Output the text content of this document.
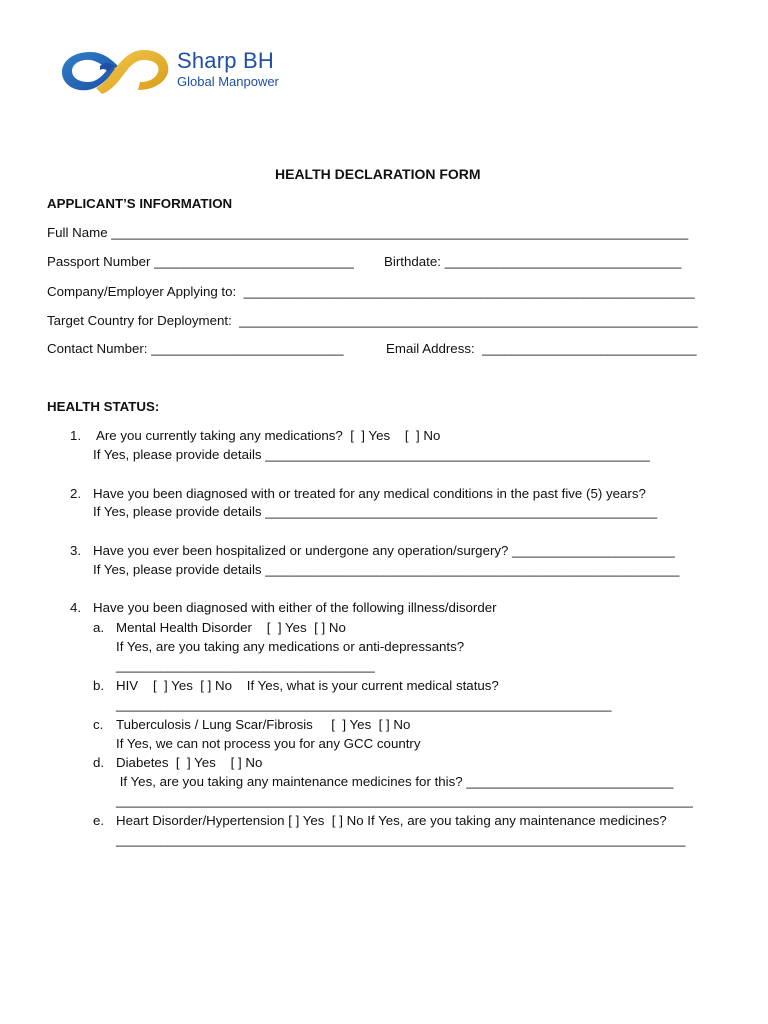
Sharp BH
Global Manpower
HEALTH DECLARATION FORM
APPLICANT’S INFORMATION
Full Name ______________________________________________________________________________
Passport Number ___________________________ Birthdate: ________________________________
Company/Employer Applying to:  _____________________________________________________________
Target Country for Deployment:  ______________________________________________________________
Contact Number: __________________________	Email Address:  _____________________________
HEALTH STATUS:
1. Are you currently taking any medications?  [  ] Yes    [  ] No
If Yes, please provide details ____________________________________________________
2. Have you been diagnosed with or treated for any medical conditions in the past five (5) years?
If Yes, please provide details _____________________________________________________
3. Have you ever been hospitalized or undergone any operation/surgery? ______________________
If Yes, please provide details ________________________________________________________
4. Have you been diagnosed with either of the following illness/disorder
a. Mental Health Disorder    [  ] Yes  [ ] No
If Yes, are you taking any medications or anti-depressants?
___________________________________
b. HIV    [  ] Yes  [ ] No    If Yes, what is your current medical status?
___________________________________________________________________
c. Tuberculosis / Lung Scar/Fibrosis     [  ] Yes  [ ] No
If Yes, we can not process you for any GCC country
d. Diabetes  [  ] Yes    [ ] No
If Yes, are you taking any maintenance medicines for this? ____________________________
______________________________________________________________________________
e. Heart Disorder/Hypertension [ ] Yes  [ ] No If Yes, are you taking any maintenance medicines?
_____________________________________________________________________________
